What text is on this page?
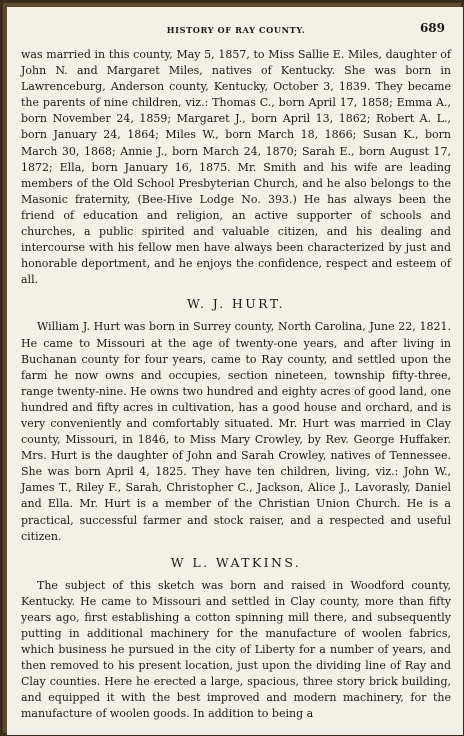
HISTORY OF RAY COUNTY.	689

was married in this county, May 5, 1857, to Miss Sallie E. Miles, daughter of John N. and Margaret Miles, natives of Kentucky. She was born in Lawrenceburg, Anderson county, Kentucky, October 3, 1839. They became the parents of nine children, viz.: Thomas C., born April 17, 1858; Emma A., born November 24, 1859; Margaret J., born April 13, 1862; Robert A. L., born January 24, 1864; Miles W., born March 18, 1866; Susan K., born March 30, 1868; Annie J., born March 24, 1870; Sarah E., born August 17, 1872; Ella, born January 16, 1875. Mr. Smith and his wife are leading members of the Old School Presbyterian Church, and he also belongs to the Masonic fraternity, (Bee-Hive Lodge No. 393.) He has always been the friend of education and religion, an active supporter of schools and churches, a public spirited and valuable citizen, and his dealing and intercourse with his fellow men have always been characterized by just and honorable deportment, and he enjoys the confidence, respect and esteem of all.

W. J. HURT.

William J. Hurt was born in Surrey county, North Carolina, June 22, 1821. He came to Missouri at the age of twenty-one years, and after living in Buchanan county for four years, came to Ray county, and settled upon the farm he now owns and occupies, section nineteen, township fifty-three, range twenty-nine. He owns two hundred and eighty acres of good land, one hundred and fifty acres in cultivation, has a good house and orchard, and is very conveniently and comfortably situated. Mr. Hurt was married in Clay county, Missouri, in 1846, to Miss Mary Crowley, by Rev. George Huffaker. Mrs. Hurt is the daughter of John and Sarah Crowley, natives of Tennessee. She was born April 4, 1825. They have ten children, living, viz.: John W., James T., Riley F., Sarah, Christopher C., Jackson, Alice J., Lavorasly, Daniel and Ella. Mr. Hurt is a member of the Christian Union Church. He is a practical, successful farmer and stock raiser, and a respected and useful citizen.

W L. WATKINS.

The subject of this sketch was born and raised in Woodford county, Kentucky. He came to Missouri and settled in Clay county, more than fifty years ago, first establishing a cotton spinning mill there, and subsequently putting in additional machinery for the manufacture of woolen fabrics, which business he pursued in the city of Liberty for a number of years, and then removed to his present location, just upon the dividing line of Ray and Clay counties. Here he erected a large, spacious, three story brick building, and equipped it with the best improved and modern machinery, for the manufacture of woolen goods. In addition to being a
